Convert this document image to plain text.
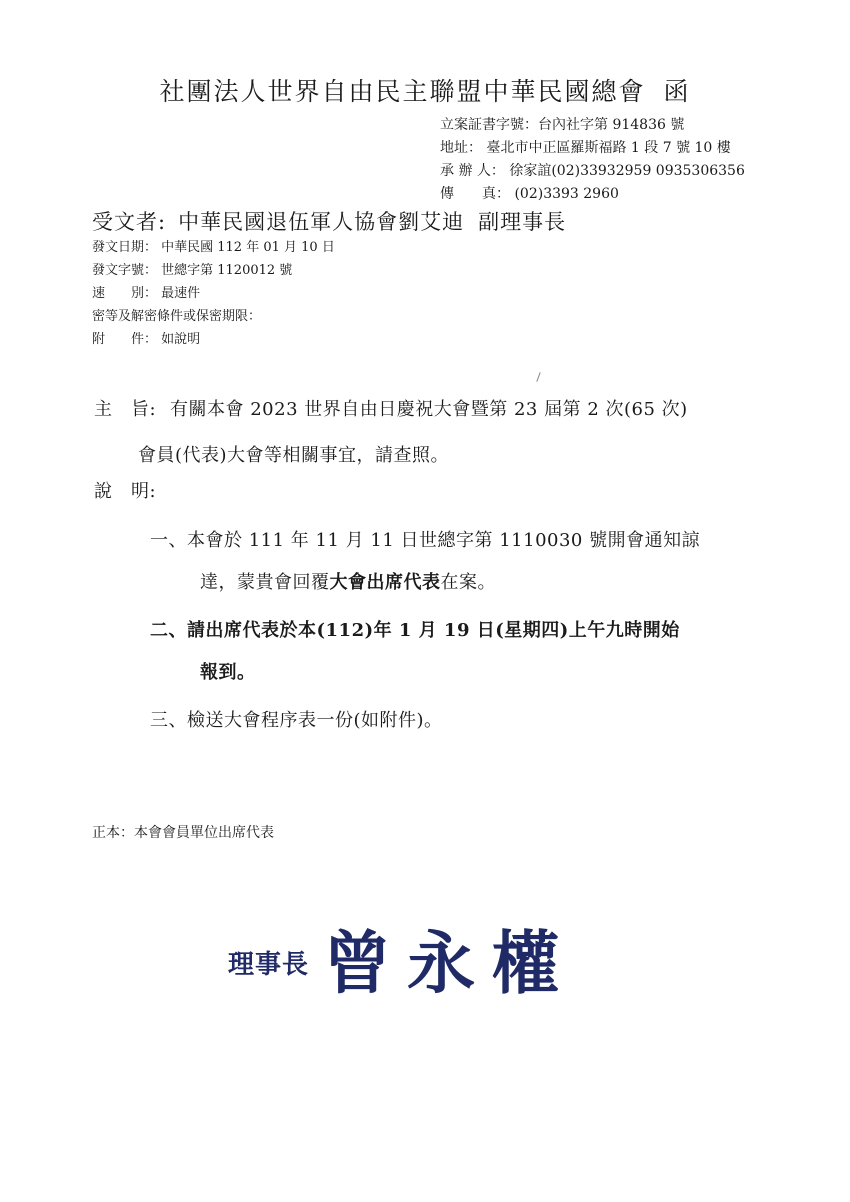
社團法人世界自由民主聯盟中華民國總會 函
立案証書字號：台內社字第 914836 號
地址： 臺北市中正區羅斯福路 1 段 7 號 10 樓
承 辦 人： 徐家誼(02)33932959 0935306356
傳　　真： (02)3393 2960
受文者: 中華民國退伍軍人協會劉艾迪 副理事長
發文日期： 中華民國 112 年 01 月 10 日
發文字號： 世總字第 1120012 號
速　　別： 最速件
密等及解密條件或保密期限：
附　　件： 如說明
主　旨: 有關本會 2023 世界自由日慶祝大會暨第 23 屆第 2 次(65 次)
會員(代表)大會等相關事宜，請查照。
說　明:
一、本會於 111 年 11 月 11 日世總字第 1110030 號開會通知諒
達，蒙貴會回覆大會出席代表在案。
二、請出席代表於本(112)年 1 月 19 日(星期四)上午九時開始
報到。
三、檢送大會程序表一份(如附件)。
正本：本會會員單位出席代表
理事長 曾永權
